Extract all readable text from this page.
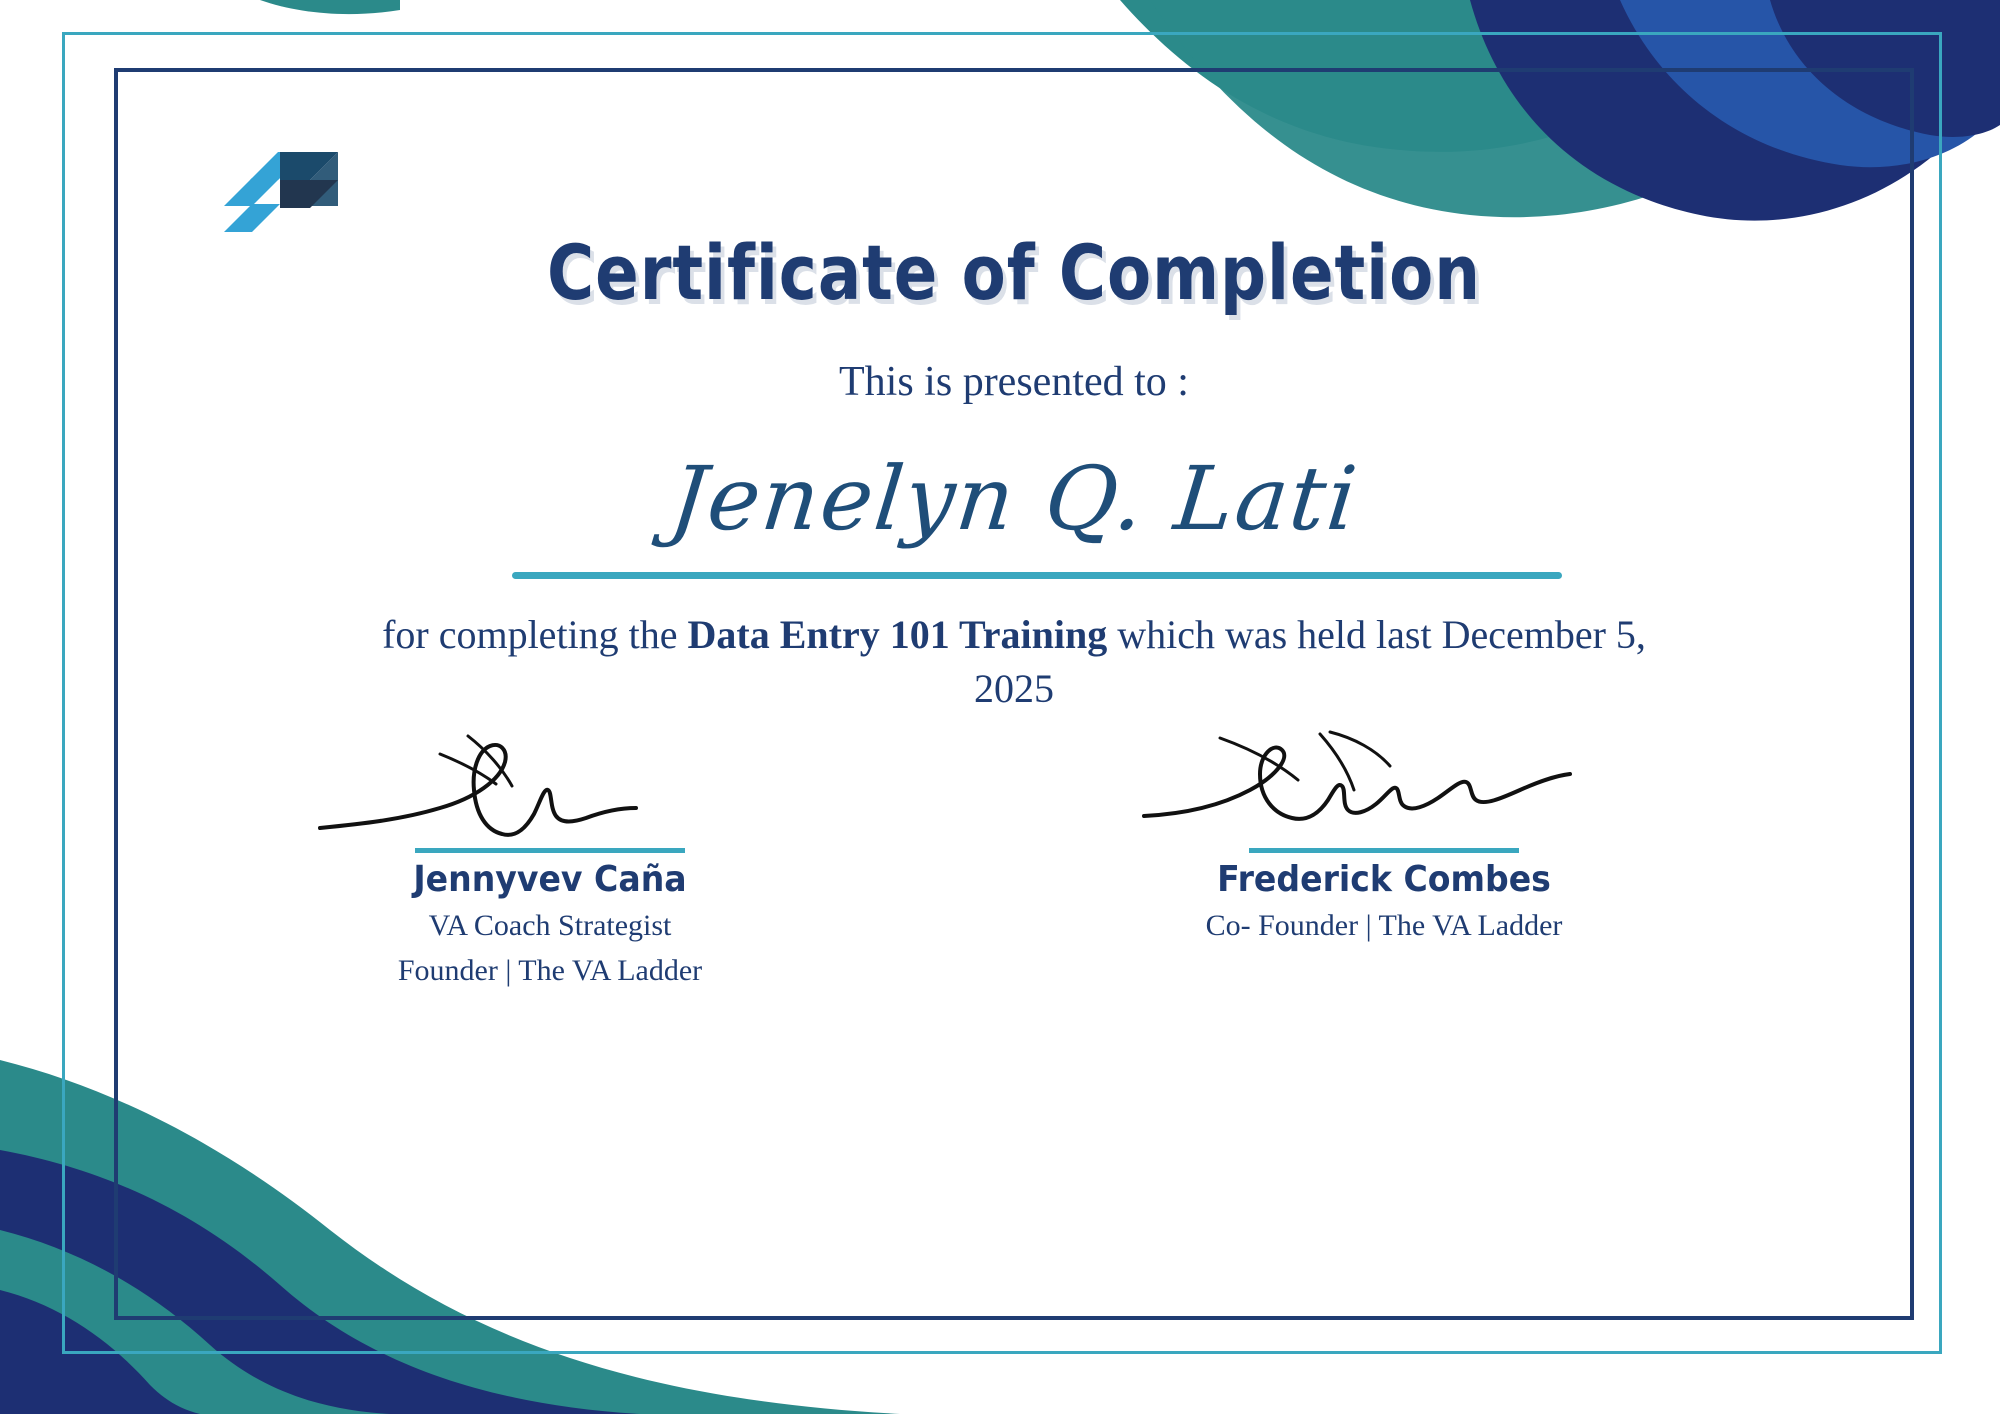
Certificate of Completion
This is presented to :
Jenelyn Q. Lati
for completing the Data Entry 101 Training which was held last December 5, 2025
Jennyvev Caña
VA Coach Strategist
Founder | The VA Ladder
Frederick Combes
Co- Founder | The VA Ladder
